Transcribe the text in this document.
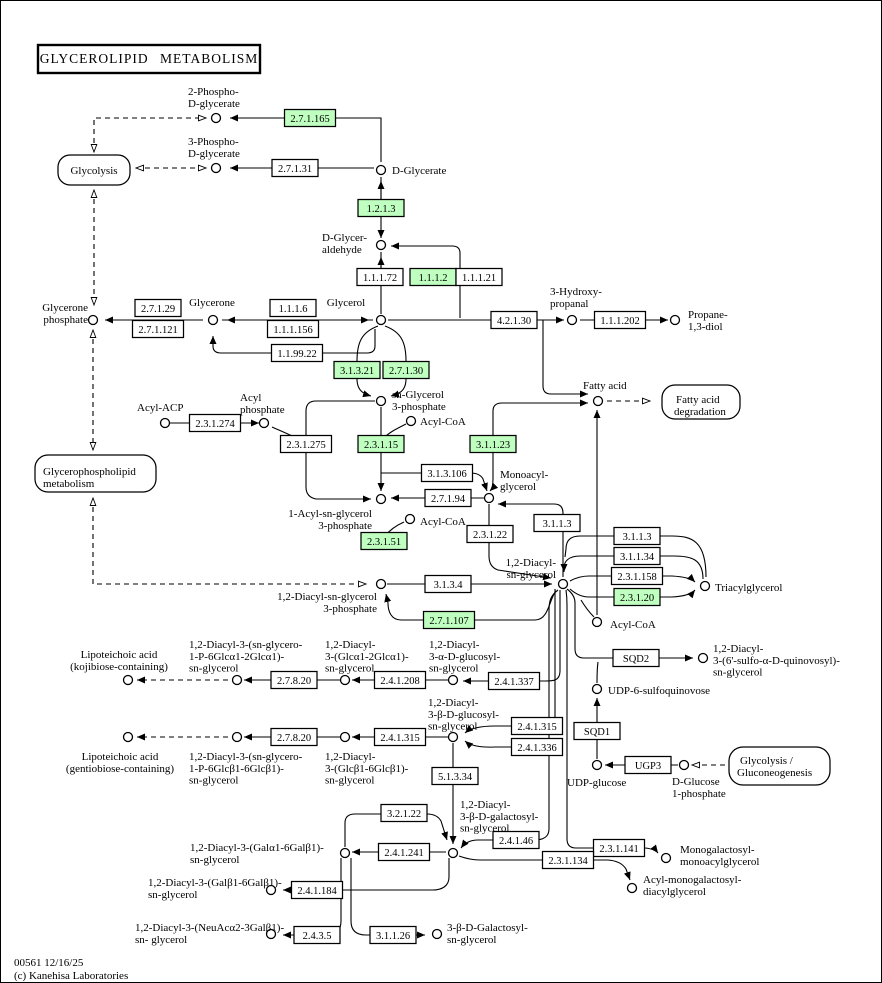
Glycolysis
Glycerophospholipid
metabolism
Fatty acid
degradation
Glycolysis /
Gluconeogenesis
2.7.1.165
2.7.1.31
1.2.1.3
1.1.1.72 1.1.1.2 1.1.1.21
2.7.1.29
2.7.1.121
1.1.1.6
1.1.1.156
1.1.99.22
3.1.3.21 2.7.1.30
4.2.1.30	1.1.1.202
2.3.1.274
2.3.1.275	2.3.1.15	3.1.1.23
3.1.3.106
2.7.1.94
3.1.1.3
2.3.1.22
2.3.1.51	3.1.1.3
3.1.1.34
2.3.1.158
2.3.1.20
3.1.3.4
2.7.1.107
2.7.8.20	2.4.1.208	2.4.1.337
SQD2
2.7.8.20	2.4.1.315
2.4.1.315
2.4.1.336
5.1.3.34
SQD1
UGP3
3.2.1.22
2.4.1.241
2.4.1.46
2.3.1.141
2.3.1.134
2.4.1.184
2.4.3.5	3.1.1.26
2-Phospho-D-glycerate
3-Phospho-D-glycerate
D-Glycerate
D-Glycer-aldehyde
Glycerone phosphate
Glycerone	Glycerol
3-Hydroxy-propanal
Propane-1,3-diol
sn-Glycerol 3-phosphate
Acyl-ACP
Acyl phosphate
Acyl-CoA
Fatty acid
Monoacyl-glycerol
1-Acyl-sn-glycerol 3-phosphate	Acyl-CoA
1,2-Diacyl-sn-glycerol
1,2-Diacyl-sn-glycerol 3-phosphate
Triacylglycerol
Acyl-CoA
Lipoteichoic acid (kojibiose-containing)
1,2-Diacyl-3-(sn-glycero-1-P-6Glcα1-2Glcα1)-sn-glycerol
1,2-Diacyl-3-(Glcα1-2Glcα1)-sn-glycerol
1,2-Diacyl-3-α-D-glucosyl-sn-glycerol
1,2-Diacyl-3-(6'-sulfo-α-D-quinovosyl)-sn-glycerol
UDP-6-sulfoquinovose
Lipoteichoic acid (gentiobiose-containing)
1,2-Diacyl-3-(sn-glycero-1-P-6Glcβ1-6Glcβ1)-sn-glycerol
1,2-Diacyl-3-(Glcβ1-6Glcβ1)-sn-glycerol
1,2-Diacyl-3-β-D-glucosyl-sn-glycerol
UDP-glucose	D-Glucose 1-phosphate
1,2-Diacyl-3-β-D-galactosyl-sn-glycerol
1,2-Diacyl-3-(Galα1-6Galβ1)-sn-glycerol
Monogalactosyl-monoacylglycerol
Acyl-monogalactosyl-diacylglycerol
1,2-Diacyl-3-(Galβ1-6Galβ1)-sn-glycerol
1,2-Diacyl-3-(NeuAcα2-3Galβ1)-sn- glycerol
3-β-D-Galactosyl-sn-glycerol
GLYCEROLIPID METABOLISM
00561 12/16/25
(c) Kanehisa Laboratories
